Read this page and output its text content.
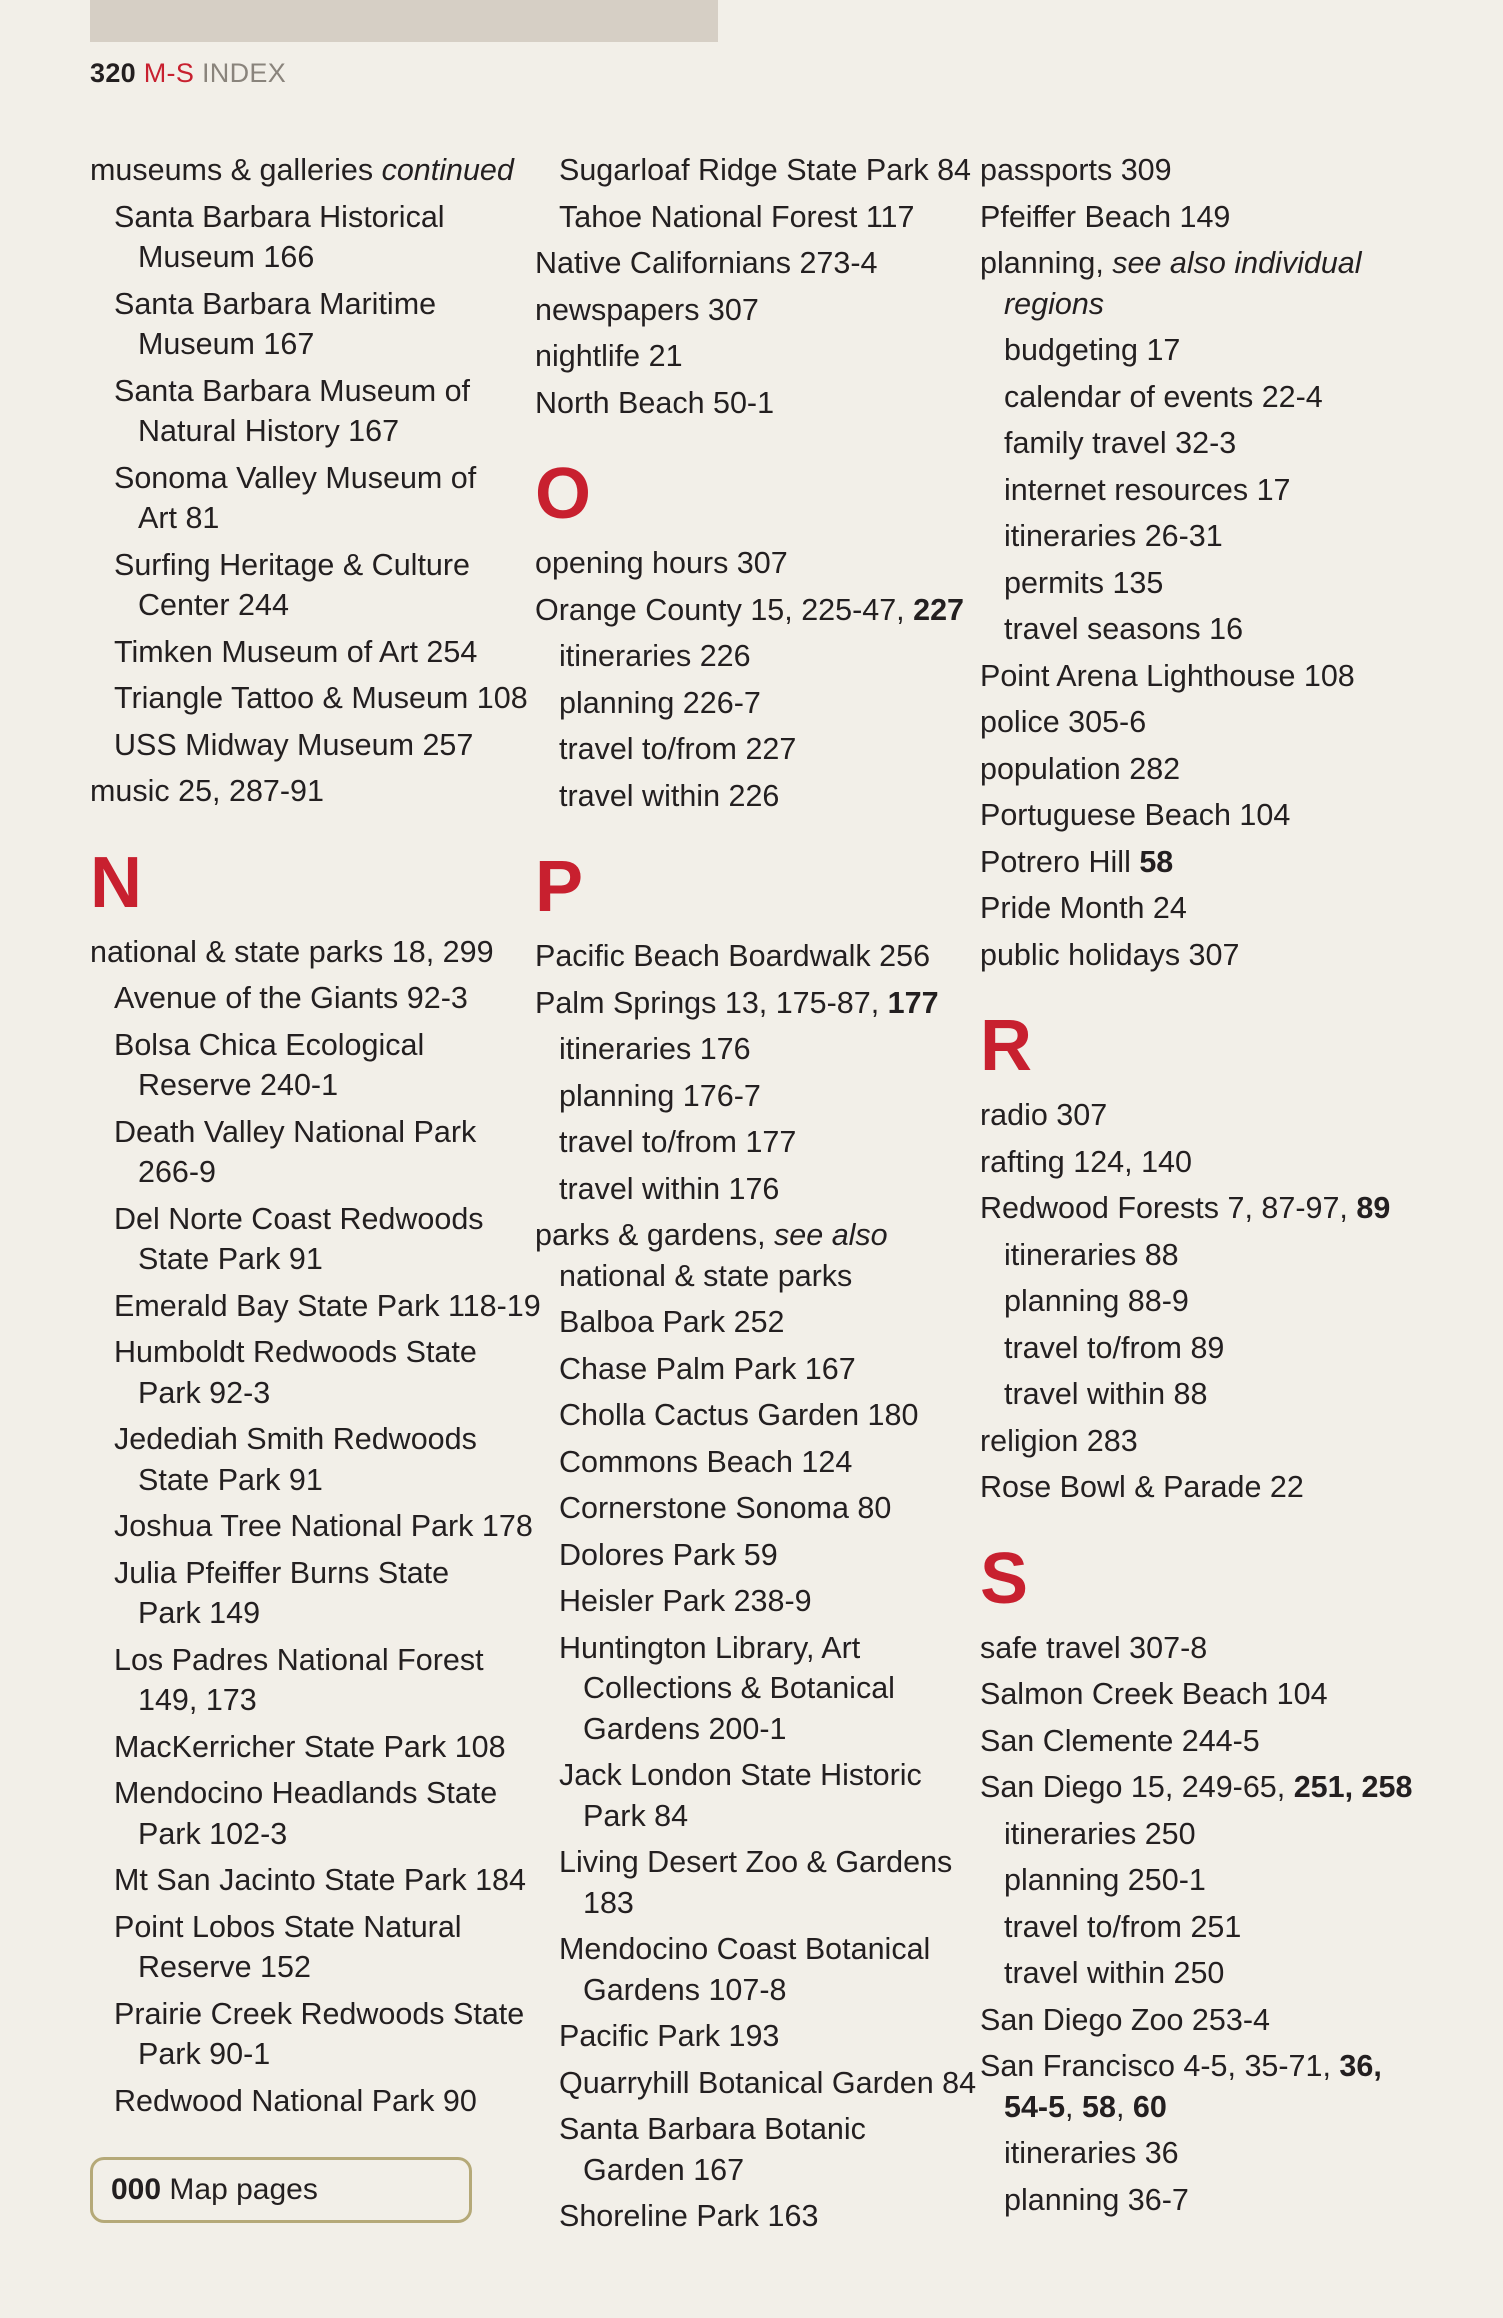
320 M-S INDEX
museums & galleries continued
Santa Barbara Historical
Museum 166
Santa Barbara Maritime
Museum 167
Santa Barbara Museum of
Natural History 167
Sonoma Valley Museum of
Art 81
Surfing Heritage & Culture
Center 244
Timken Museum of Art 254
Triangle Tattoo & Museum 108
USS Midway Museum 257
music 25, 287-91
N
national & state parks 18, 299
Avenue of the Giants 92-3
Bolsa Chica Ecological
Reserve 240-1
Death Valley National Park
266-9
Del Norte Coast Redwoods
State Park 91
Emerald Bay State Park 118-19
Humboldt Redwoods State
Park 92-3
Jedediah Smith Redwoods
State Park 91
Joshua Tree National Park 178
Julia Pfeiffer Burns State
Park 149
Los Padres National Forest
149, 173
MacKerricher State Park 108
Mendocino Headlands State
Park 102-3
Mt San Jacinto State Park 184
Point Lobos State Natural
Reserve 152
Prairie Creek Redwoods State
Park 90-1
Redwood National Park 90
Sugarloaf Ridge State Park 84
Tahoe National Forest 117
Native Californians 273-4
newspapers 307
nightlife 21
North Beach 50-1
O
opening hours 307
Orange County 15, 225-47, 227
itineraries 226
planning 226-7
travel to/from 227
travel within 226
P
Pacific Beach Boardwalk 256
Palm Springs 13, 175-87, 177
itineraries 176
planning 176-7
travel to/from 177
travel within 176
parks & gardens, see also
national & state parks
Balboa Park 252
Chase Palm Park 167
Cholla Cactus Garden 180
Commons Beach 124
Cornerstone Sonoma 80
Dolores Park 59
Heisler Park 238-9
Huntington Library, Art
Collections & Botanical
Gardens 200-1
Jack London State Historic
Park 84
Living Desert Zoo & Gardens
183
Mendocino Coast Botanical
Gardens 107-8
Pacific Park 193
Quarryhill Botanical Garden 84
Santa Barbara Botanic
Garden 167
Shoreline Park 163
passports 309
Pfeiffer Beach 149
planning, see also individual
regions
budgeting 17
calendar of events 22-4
family travel 32-3
internet resources 17
itineraries 26-31
permits 135
travel seasons 16
Point Arena Lighthouse 108
police 305-6
population 282
Portuguese Beach 104
Potrero Hill 58
Pride Month 24
public holidays 307
R
radio 307
rafting 124, 140
Redwood Forests 7, 87-97, 89
itineraries 88
planning 88-9
travel to/from 89
travel within 88
religion 283
Rose Bowl & Parade 22
S
safe travel 307-8
Salmon Creek Beach 104
San Clemente 244-5
San Diego 15, 249-65, 251, 258
itineraries 250
planning 250-1
travel to/from 251
travel within 250
San Diego Zoo 253-4
San Francisco 4-5, 35-71, 36,
54-5, 58, 60
itineraries 36
planning 36-7
000 Map pages
